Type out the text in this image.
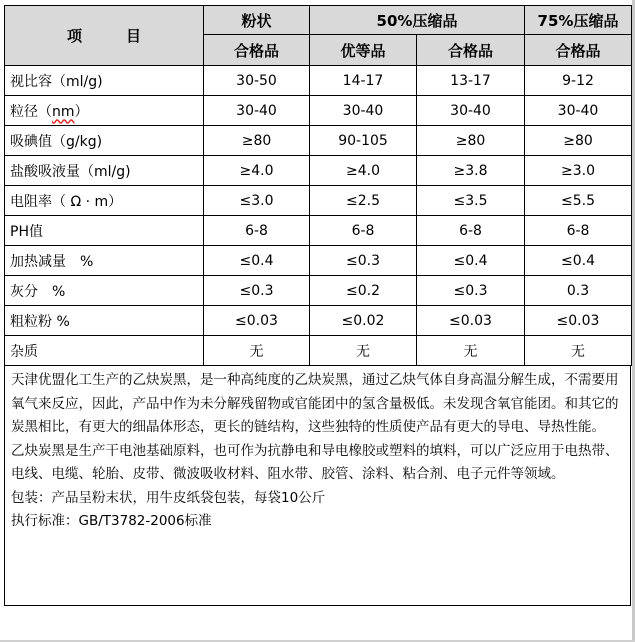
项 目	粉状	50%压缩品		75%压缩品
	合格品	优等品	合格品	合格品
视比容（ml/g)	30-50	14-17	13-17	9-12
粒径（nm）	30-40	30-40	30-40	30-40
吸碘值（g/kg)	≥80	90-105	≥80	≥80
盐酸吸液量（ml/g)	≥4.0	≥4.0	≥3.8	≥3.0
电阻率（ Ω · m）	≤3.0	≤2.5	≤3.5	≤5.5
PH值	6-8	6-8	6-8	6-8
加热减量　%	≤0.4	≤0.3	≤0.4	≤0.4
灰分　%	≤0.3	≤0.2	≤0.3	0.3
粗粒粉 %	≤0.03	≤0.02	≤0.03	≤0.03
杂质	无	无	无	无

天津优盟化工生产的乙炔炭黑，是一种高纯度的乙炔炭黑，通过乙炔气体自身高温分解生成，不需要用氧气来反应，因此，产品中作为未分解残留物或官能团中的氢含量极低。未发现含氧官能团。和其它的炭黑相比，有更大的细晶体形态，更长的链结构，这些独特的性质使产品有更大的导电、导热性能。

乙炔炭黑是生产干电池基础原料，也可作为抗静电和导电橡胶或塑料的填料，可以广泛应用于电热带、电线、电缆、轮胎、皮带、微波吸收材料、阻水带、胶管、涂料、粘合剂、电子元件等领域。

包装：产品呈粉末状，用牛皮纸袋包装，每袋10公斤

执行标准：GB/T3782-2006标准
